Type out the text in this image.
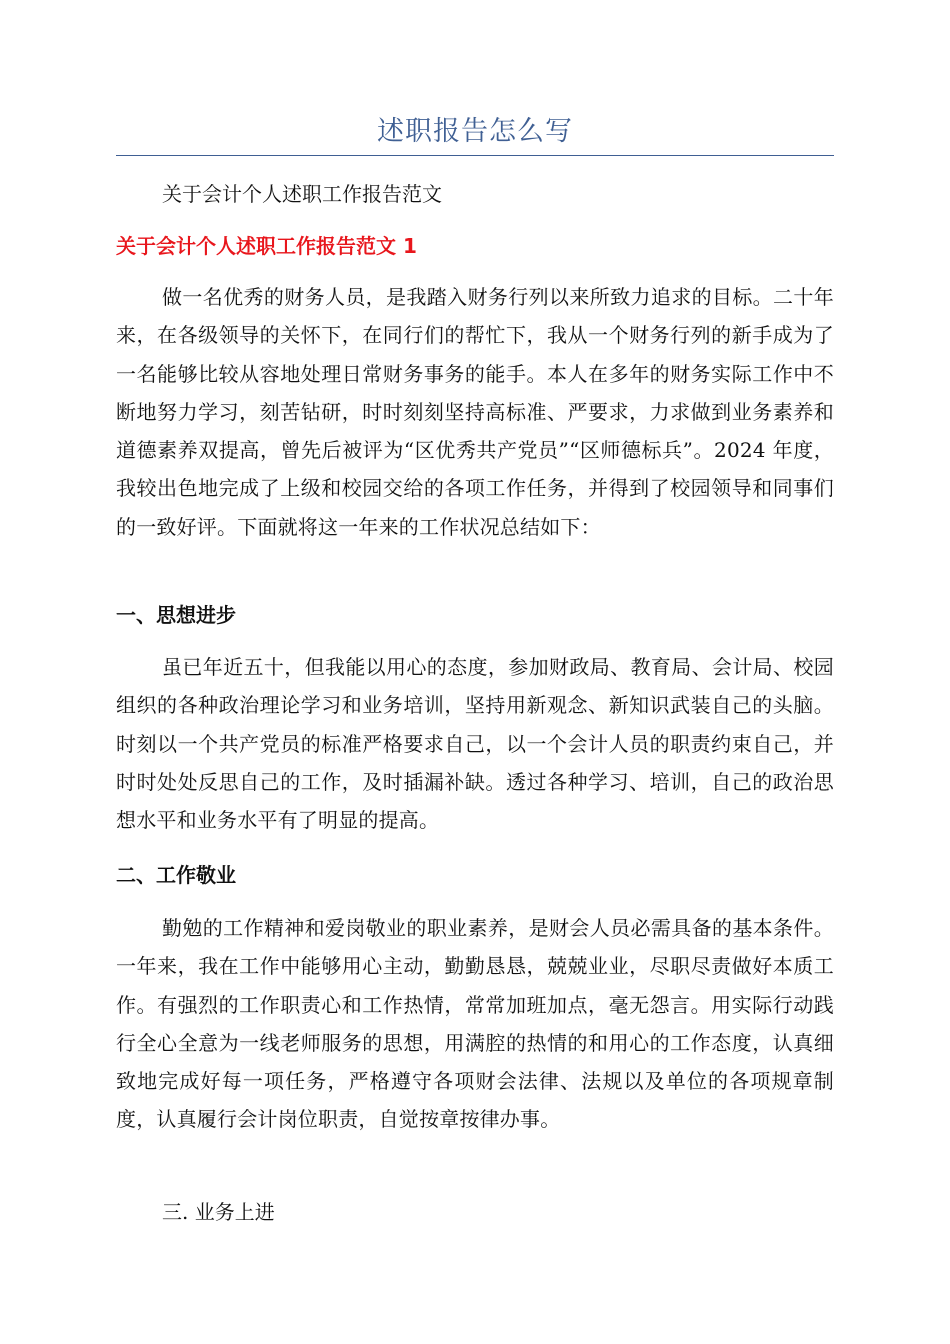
述职报告怎么写
关于会计个人述职工作报告范文
关于会计个人述职工作报告范文 1
做一名优秀的财务人员，是我踏入财务行列以来所致力追求的目标。二十年来，在各级领导的关怀下，在同行们的帮忙下，我从一个财务行列的新手成为了一名能够比较从容地处理日常财务事务的能手。本人在多年的财务实际工作中不断地努力学习，刻苦钻研，时时刻刻坚持高标准、严要求，力求做到业务素养和道德素养双提高，曾先后被评为“区优秀共产党员”“区师德标兵”。2024 年度，我较出色地完成了上级和校园交给的各项工作任务，并得到了校园领导和同事们的一致好评。下面就将这一年来的工作状况总结如下：
一、思想进步
虽已年近五十，但我能以用心的态度，参加财政局、教育局、会计局、校园组织的各种政治理论学习和业务培训，坚持用新观念、新知识武装自己的头脑。时刻以一个共产党员的标准严格要求自己，以一个会计人员的职责约束自己，并时时处处反思自己的工作，及时插漏补缺。透过各种学习、培训，自己的政治思想水平和业务水平有了明显的提高。
二、工作敬业
勤勉的工作精神和爱岗敬业的职业素养，是财会人员必需具备的基本条件。一年来，我在工作中能够用心主动，勤勤恳恳，兢兢业业，尽职尽责做好本质工作。有强烈的工作职责心和工作热情，常常加班加点，毫无怨言。用实际行动践行全心全意为一线老师服务的思想，用满腔的热情的和用心的工作态度，认真细致地完成好每一项任务，严格遵守各项财会法律、法规以及单位的各项规章制度，认真履行会计岗位职责，自觉按章按律办事。
三. 业务上进
